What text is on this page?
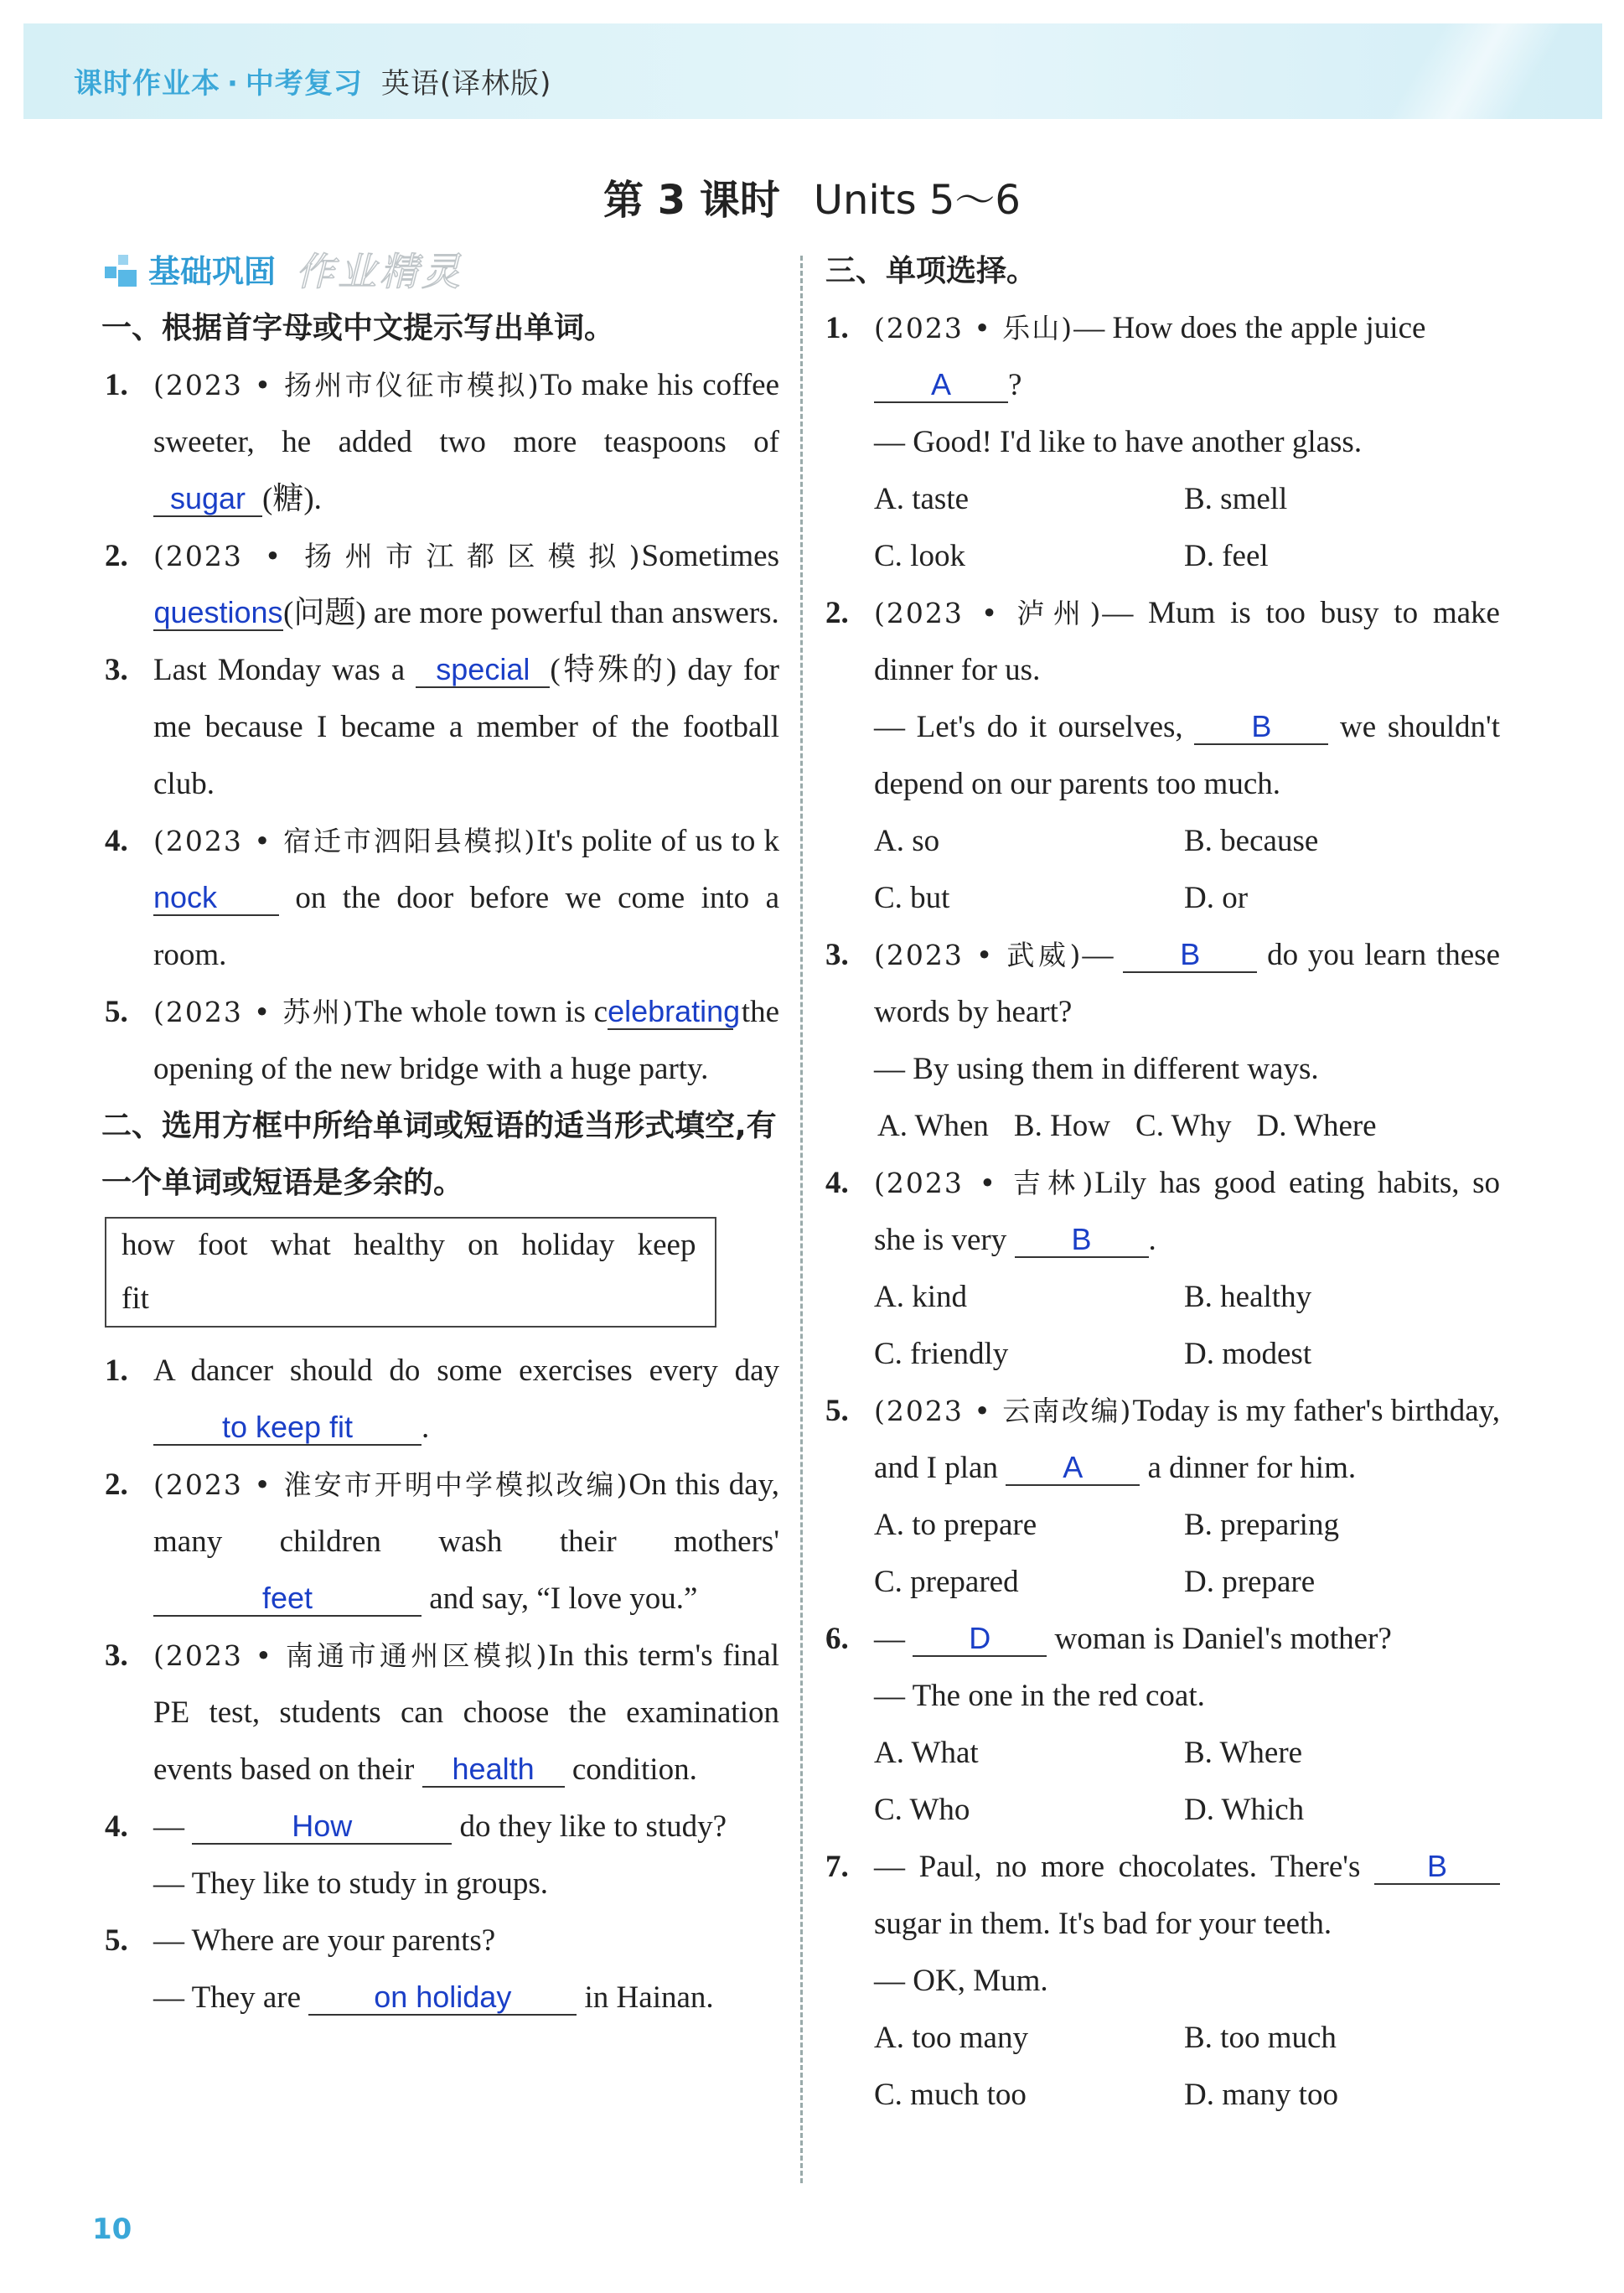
课时作业本 · 中考复习 英语(译林版)
第 3 课时 Units 5～6
基础巩固 作业精灵
一、根据首字母或中文提示写出单词。
1. (2023 • 扬州市仪征市模拟)To make his coffee sweeter, he added two more teaspoons of sugar (糖).
2. (2023 • 扬州市江都区模拟)Sometimes questions(问题) are more powerful than answers.
3. Last Monday was a special (特殊的) day for me because I became a member of the football club.
4. (2023 • 宿迁市泗阳县模拟)It's polite of us to knock on the door before we come into a room.
5. (2023 • 苏州)The whole town is celebrating the opening of the new bridge with a huge party.
二、选用方框中所给单词或短语的适当形式填空,有一个单词或短语是多余的。
how foot what healthy on holiday keep fit
1. A dancer should do some exercises every day to keep fit .
2. (2023 • 淮安市开明中学模拟改编)On this day, many children wash their mothers' feet	and say, “I love you.”
3. (2023 • 南通市通州区模拟)In this term's final PE test, students can choose the examination events based on their health condition.
4. —	How	do they like to study?
— They like to study in groups.
5. — Where are your parents?
— They are on holiday in Hainan.
三、单项选择。
1. (2023 • 乐山)— How does the apple juice
A ?
— Good! I'd like to have another glass.
A. taste	B. smell
C. look	D. feel
2. (2023 • 泸州)— Mum is too busy to make dinner for us.
— Let's do it ourselves, B we shouldn't depend on our parents too much.
A. so	B. because
C. but	D. or
3. (2023 • 武威)— B do you learn these words by heart?
— By using them in different ways.
A. When B. How C. Why D. Where
4. (2023 • 吉林)Lily has good eating habits, so she is very B .
A. kind	B. healthy
C. friendly	D. modest
5. (2023 • 云南改编)Today is my father's birthday, and I plan A a dinner for him.
A. to prepare	B. preparing
C. prepared	D. prepare
6. — D woman is Daniel's mother?
— The one in the red coat.
A. What	B. Where
C. Who	D. Which
7. — Paul, no more chocolates. There's B sugar in them. It's bad for your teeth.
— OK, Mum.
A. too many	B. too much
C. much too	D. many too
10
